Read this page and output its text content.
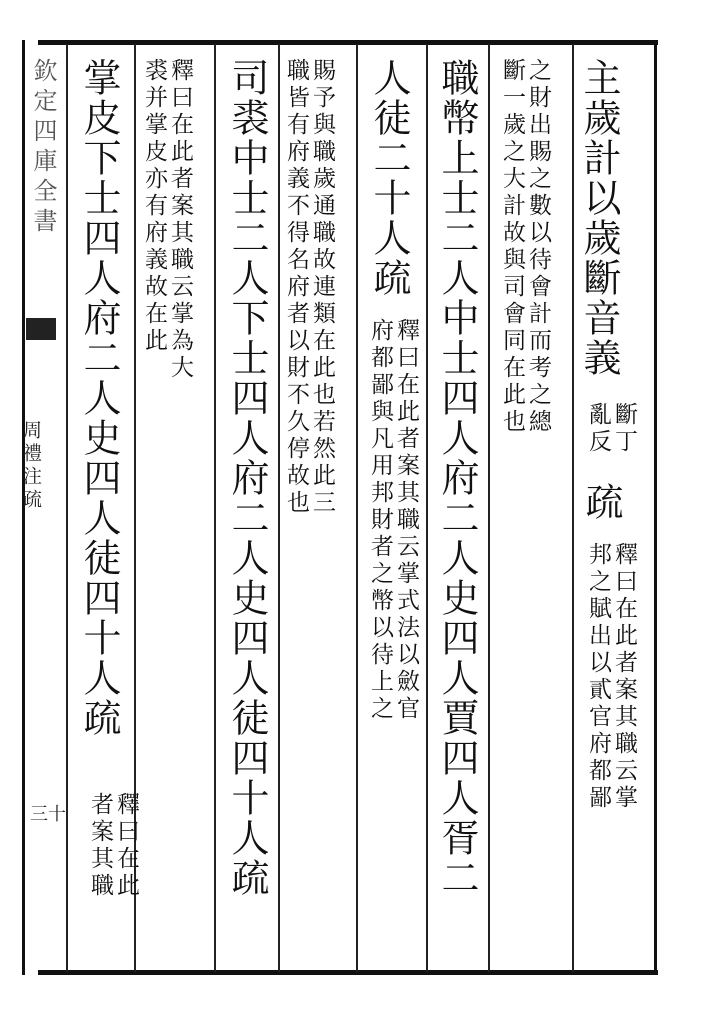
欽定四庫全書
周禮注疏
三十
主歲計以歲斷音義
亂反 斷丁
疏
邦之賦出以貳官府都鄙 釋曰在此者案其職云掌
斷一歲之大計故與司會同在此也 之財出賜之數以待會計而考之總
職幣上士二人中士四人府二人史四人賈四人胥二
人徒二十人疏
府都鄙與凡用邦財者之幣以待上之 釋曰在此者案其職云掌式法以斂官
職皆有府義不得名府者以財不久停故也 賜予與職歲通職故連類在此也若然此三
司裘中士二人下士四人府二人史四人徒四十人疏
裘并掌皮亦有府義故在此 釋曰在此者案其職云掌為大
掌皮下士四人府二人史四人徒四十人疏
者案其職 釋曰在此
